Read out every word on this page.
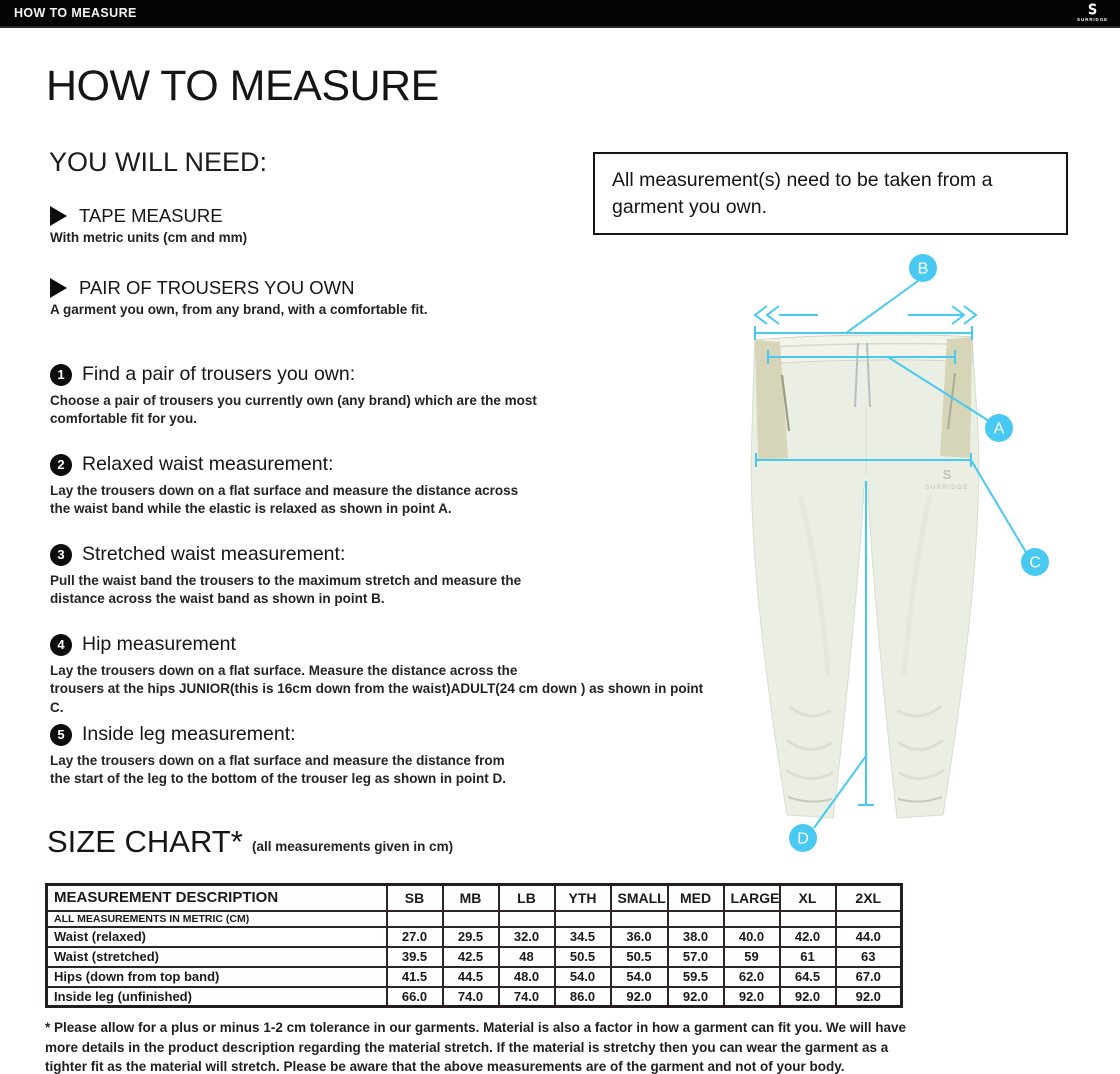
HOW TO MEASURE	S
SURRIDGE
HOW TO MEASURE
YOU WILL NEED:
TAPE MEASURE
With metric units (cm and mm)
PAIR OF TROUSERS YOU OWN
A garment you own, from any brand, with a comfortable fit.
All measurement(s) need to be taken from a garment you own.
1 Find a pair of trousers you own:
Choose a pair of trousers you currently own (any brand) which are the most
comfortable fit for you.
2 Relaxed waist measurement:
Lay the trousers down on a flat surface and measure the distance across
the waist band while the elastic is relaxed as shown in point A.
3 Stretched waist measurement:
Pull the waist band the trousers to the maximum stretch and measure the
distance across the waist band as shown in point B.
4 Hip measurement
Lay the trousers down on a flat surface. Measure the distance across the
trousers at the hips JUNIOR(this is 16cm down from the waist)ADULT(24 cm down ) as shown in point C.
5 Inside leg measurement:
Lay the trousers down on a flat surface and measure the distance from
the start of the leg to the bottom of the trouser leg as shown in point D.
S
SURRIDGE
B
A
C
D
SIZE CHART* (all measurements given in cm)
MEASUREMENT DESCRIPTION	SB	MB	LB	YTH	SMALL	MED	LARGE	XL	2XL
ALL MEASUREMENTS IN METRIC (CM)									
Waist (relaxed)	27.0	29.5	32.0	34.5	36.0	38.0	40.0	42.0	44.0
Waist (stretched)	39.5	42.5	48	50.5	50.5	57.0	59	61	63
Hips (down from top band)	41.5	44.5	48.0	54.0	54.0	59.5	62.0	64.5	67.0
Inside leg (unfinished)	66.0	74.0	74.0	86.0	92.0	92.0	92.0	92.0	92.0
* Please allow for a plus or minus 1-2 cm tolerance in our garments. Material is also a factor in how a garment can fit you. We will have
more details in the product description regarding the material stretch. If the material is stretchy then you can wear the garment as a
tighter fit as the material will stretch. Please be aware that the above measurements are of the garment and not of your body.
